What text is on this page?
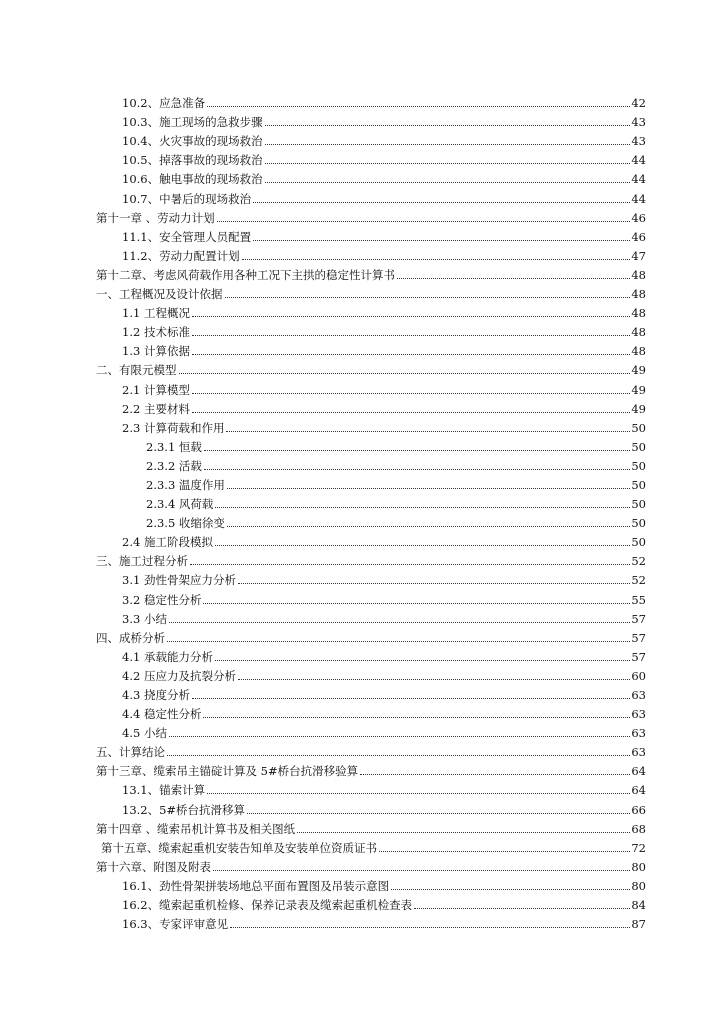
10.2、应急准备	42
10.3、施工现场的急救步骤	43
10.4、火灾事故的现场救治	43
10.5、掉落事故的现场救治	44
10.6、触电事故的现场救治	44
10.7、中暑后的现场救治	44
第十一章 、劳动力计划	46
11.1、安全管理人员配置	46
11.2、劳动力配置计划	47
第十二章、考虑风荷载作用各种工况下主拱的稳定性计算书	48
一、工程概况及设计依据	48
1.1 工程概况	48
1.2 技术标准	48
1.3 计算依据	48
二、有限元模型	49
2.1 计算模型	49
2.2 主要材料	49
2.3 计算荷载和作用	50
2.3.1 恒载	50
2.3.2 活载	50
2.3.3 温度作用	50
2.3.4 风荷载	50
2.3.5 收缩徐变	50
2.4 施工阶段模拟	50
三、施工过程分析	52
3.1 劲性骨架应力分析	52
3.2 稳定性分析	55
3.3 小结	57
四、成桥分析	57
4.1 承载能力分析	57
4.2 压应力及抗裂分析	60
4.3 挠度分析	63
4.4 稳定性分析	63
4.5 小结	63
五、计算结论	63
第十三章、缆索吊主锚碇计算及 5#桥台抗滑移验算	64
13.1、锚索计算	64
13.2、5#桥台抗滑移算	66
第十四章 、缆索吊机计算书及相关图纸	68
第十五章、缆索起重机安装告知单及安装单位资质证书	72
第十六章、附图及附表	80
16.1、劲性骨架拼装场地总平面布置图及吊装示意图	80
16.2、缆索起重机检修、保养记录表及缆索起重机检查表	84
16.3、专家评审意见	87
